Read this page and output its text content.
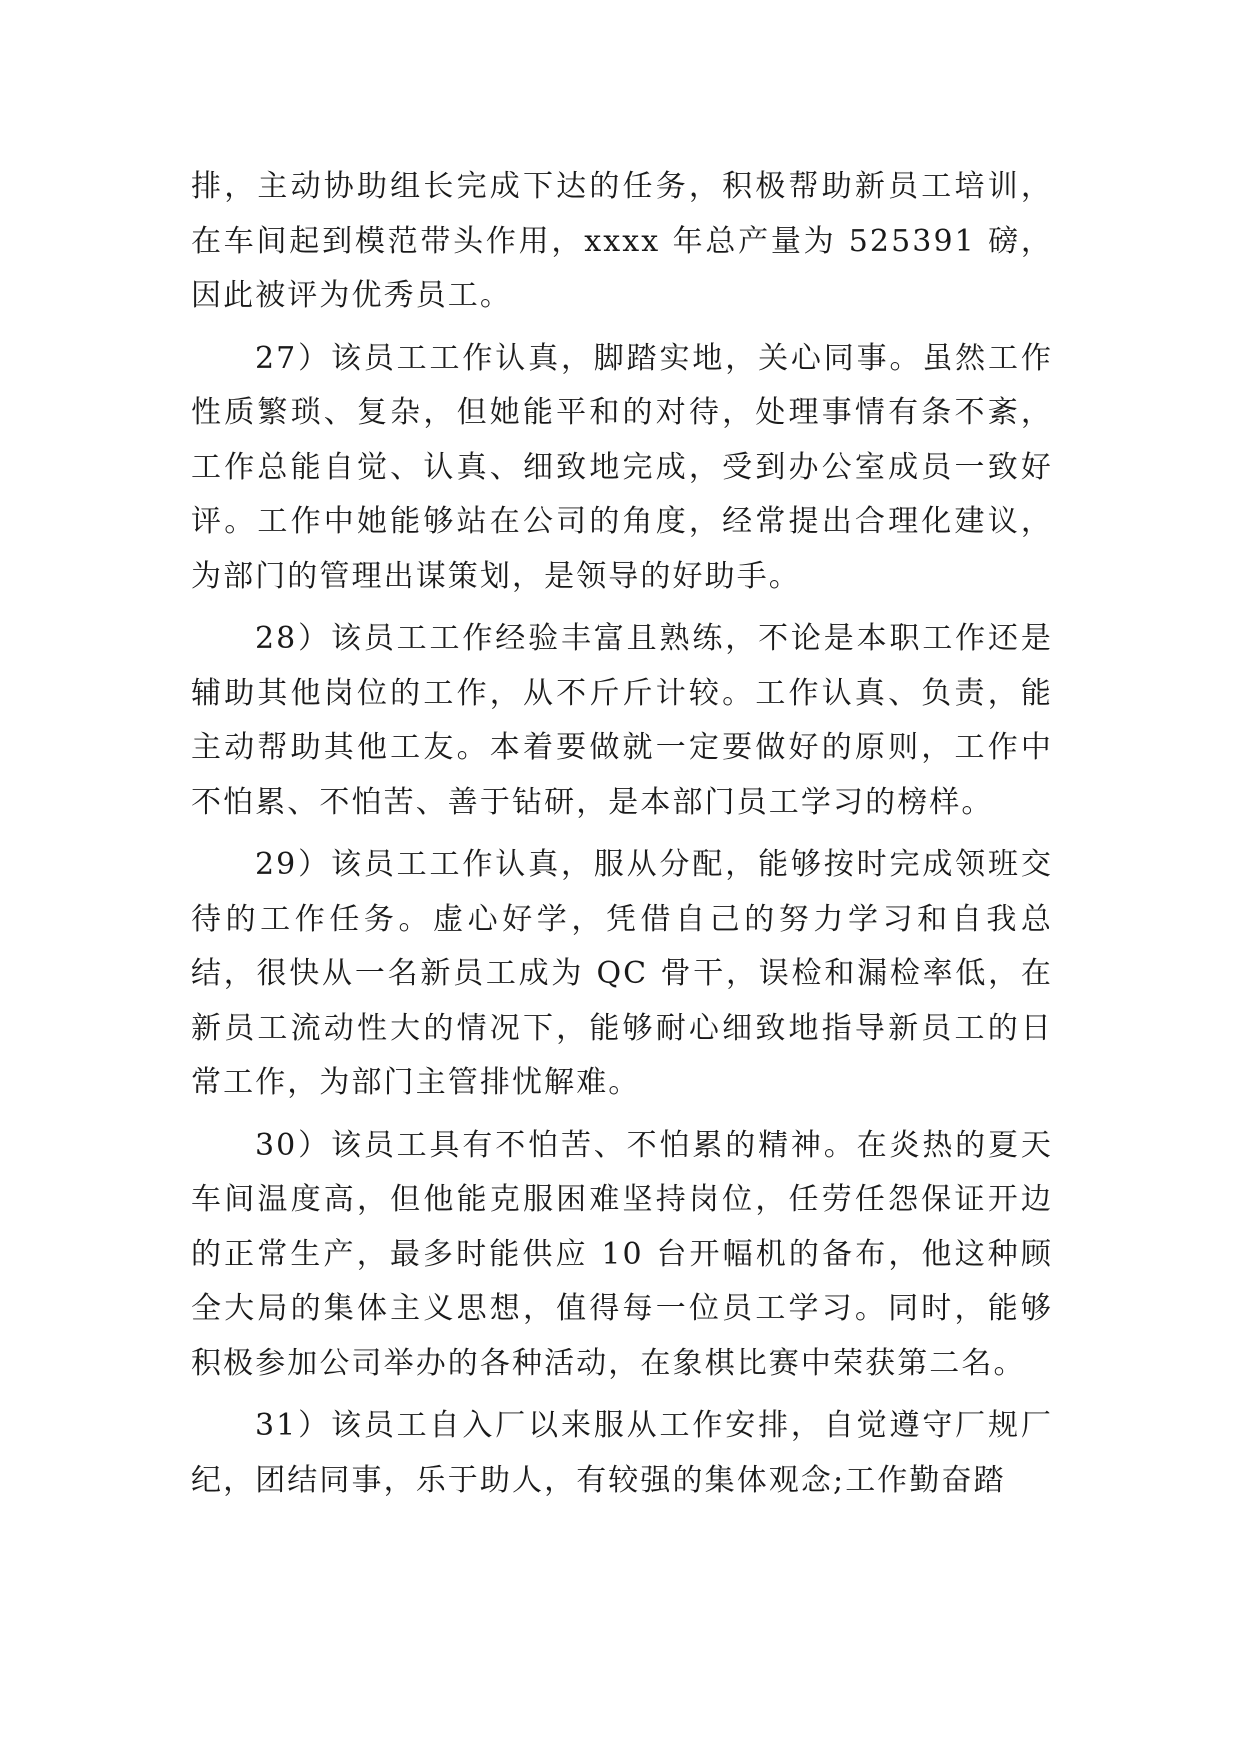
排，主动协助组长完成下达的任务，积极帮助新员工培训，在车间起到模范带头作用，xxxx 年总产量为 525391 磅，因此被评为优秀员工。

27）该员工工作认真，脚踏实地，关心同事。虽然工作性质繁琐、复杂，但她能平和的对待，处理事情有条不紊，工作总能自觉、认真、细致地完成，受到办公室成员一致好评。工作中她能够站在公司的角度，经常提出合理化建议，为部门的管理出谋策划，是领导的好助手。

28）该员工工作经验丰富且熟练，不论是本职工作还是辅助其他岗位的工作，从不斤斤计较。工作认真、负责，能主动帮助其他工友。本着要做就一定要做好的原则，工作中不怕累、不怕苦、善于钻研，是本部门员工学习的榜样。

29）该员工工作认真，服从分配，能够按时完成领班交待的工作任务。虚心好学，凭借自己的努力学习和自我总结，很快从一名新员工成为 QC 骨干，误检和漏检率低，在新员工流动性大的情况下，能够耐心细致地指导新员工的日常工作，为部门主管排忧解难。

30）该员工具有不怕苦、不怕累的精神。在炎热的夏天车间温度高，但他能克服困难坚持岗位，任劳任怨保证开边的正常生产，最多时能供应 10 台开幅机的备布，他这种顾全大局的集体主义思想，值得每一位员工学习。同时，能够积极参加公司举办的各种活动，在象棋比赛中荣获第二名。

31）该员工自入厂以来服从工作安排，自觉遵守厂规厂纪，团结同事，乐于助人，有较强的集体观念;工作勤奋踏
